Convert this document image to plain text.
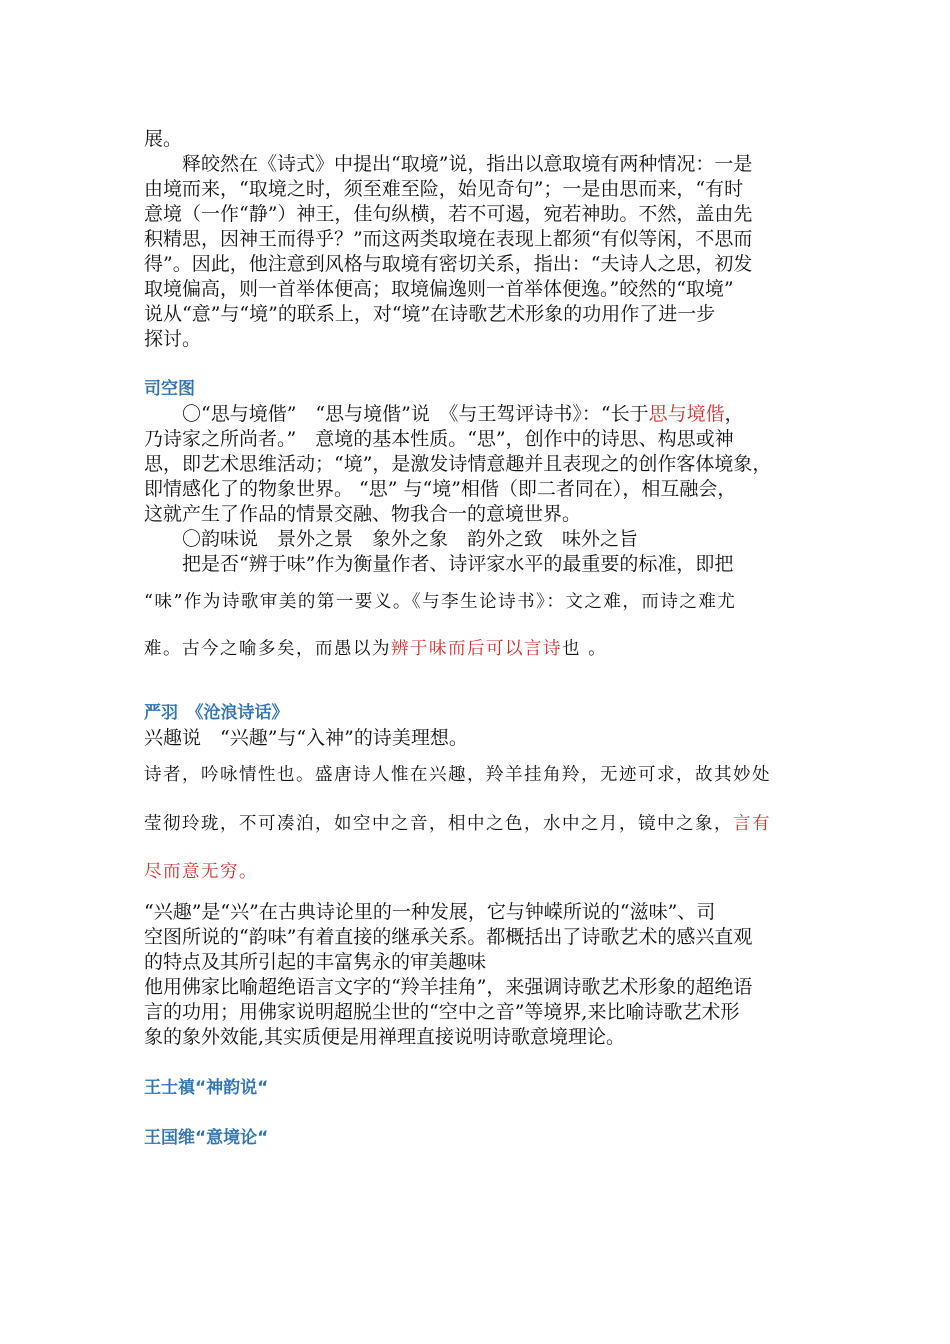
展。
释皎然在《诗式》中提出“取境”说，指出以意取境有两种情况：一是
由境而来，“取境之时，须至难至险，始见奇句”；一是由思而来，“有时
意境（一作“静”）神王，佳句纵横，若不可遏，宛若神助。不然，盖由先
积精思，因神王而得乎？”而这两类取境在表现上都须“有似等闲，不思而
得”。因此，他注意到风格与取境有密切关系，指出：“夫诗人之思，初发
取境偏高，则一首举体便高；取境偏逸则一首举体便逸。”皎然的“取境”
说从“意”与“境”的联系上，对“境”在诗歌艺术形象的功用作了进一步
探讨。
司空图
〇“思与境偕”　“思与境偕”说　《与王驾评诗书》：“长于思与境偕，
乃诗家之所尚者。”　意境的基本性质。“思”，创作中的诗思、构思或神
思，即艺术思维活动；“境”，是激发诗情意趣并且表现之的创作客体境象，
即情感化了的物象世界。 “思” 与“境”相偕（即二者同在），相互融会，
这就产生了作品的情景交融、物我合一的意境世界。
〇韵味说　景外之景　象外之象　韵外之致　味外之旨
把是否“辨于味”作为衡量作者、诗评家水平的最重要的标准，即把
“味”作为诗歌审美的第一要义。《与李生论诗书》：文之难，而诗之难尤
难。古今之喻多矣，而愚以为辨于味而后可以言诗也 。
严羽　《沧浪诗话》
兴趣说　“兴趣”与“入神”的诗美理想。
诗者，吟咏情性也。盛唐诗人惟在兴趣，羚羊挂角羚，无迹可求，故其妙处
莹彻玲珑，不可凑泊，如空中之音，相中之色，水中之月，镜中之象，言有
尽而意无穷。
“兴趣”是“兴”在古典诗论里的一种发展，它与钟嵘所说的“滋味”、司
空图所说的“韵味”有着直接的继承关系。都概括出了诗歌艺术的感兴直观
的特点及其所引起的丰富隽永的审美趣味
他用佛家比喻超绝语言文字的“羚羊挂角”，来强调诗歌艺术形象的超绝语
言的功用；用佛家说明超脱尘世的“空中之音”等境界,来比喻诗歌艺术形
象的象外效能,其实质便是用禅理直接说明诗歌意境理论。
王士禛“神韵说“
王国维“意境论“
